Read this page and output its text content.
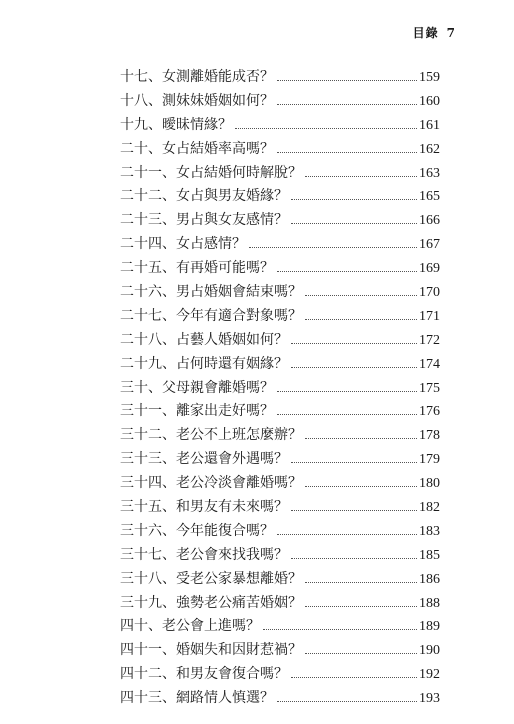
目錄 7
十七、女測離婚能成否？	159
十八、測妹妹婚姻如何？	160
十九、曖昧情緣？	161
二十、女占結婚率高嗎？	162
二十一、女占結婚何時解脫？	163
二十二、女占與男友婚緣？	165
二十三、男占與女友感情？	166
二十四、女占感情？	167
二十五、有再婚可能嗎？	169
二十六、男占婚姻會結束嗎？	170
二十七、今年有適合對象嗎？	171
二十八、占藝人婚姻如何？	172
二十九、占何時還有姻緣？	174
三十、父母親會離婚嗎？	175
三十一、離家出走好嗎？	176
三十二、老公不上班怎麼辦？	178
三十三、老公還會外遇嗎？	179
三十四、老公冷淡會離婚嗎？	180
三十五、和男友有未來嗎？	182
三十六、今年能復合嗎？	183
三十七、老公會來找我嗎？	185
三十八、受老公家暴想離婚？	186
三十九、強勢老公痛苦婚姻？	188
四十、老公會上進嗎？	189
四十一、婚姻失和因財惹禍？	190
四十二、和男友會復合嗎？	192
四十三、網路情人慎選？	193
